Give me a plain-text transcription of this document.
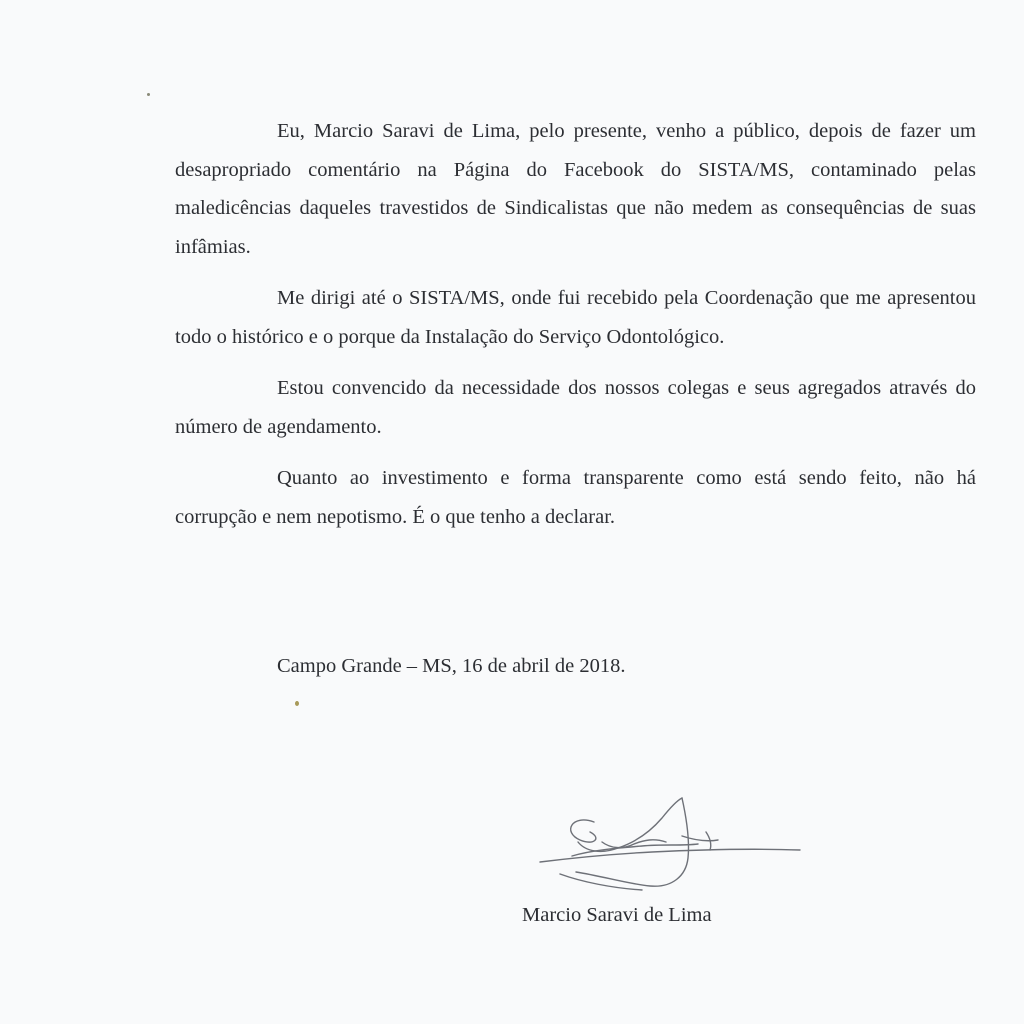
Eu, Marcio Saravi de Lima, pelo presente, venho a público, depois de fazer um desapropriado comentário na Página do Facebook do SISTA/MS, contaminado pelas maledicências daqueles travestidos de Sindicalistas que não medem as consequências de suas infâmias.

Me dirigi até o SISTA/MS, onde fui recebido pela Coordenação que me apresentou todo o histórico e o porque da Instalação do Serviço Odontológico.

Estou convencido da necessidade dos nossos colegas e seus agregados através do número de agendamento.

Quanto ao investimento e forma transparente como está sendo feito, não há corrupção e nem nepotismo. É o que tenho a declarar.

Campo Grande – MS, 16 de abril de 2018.
Marcio Saravi de Lima
